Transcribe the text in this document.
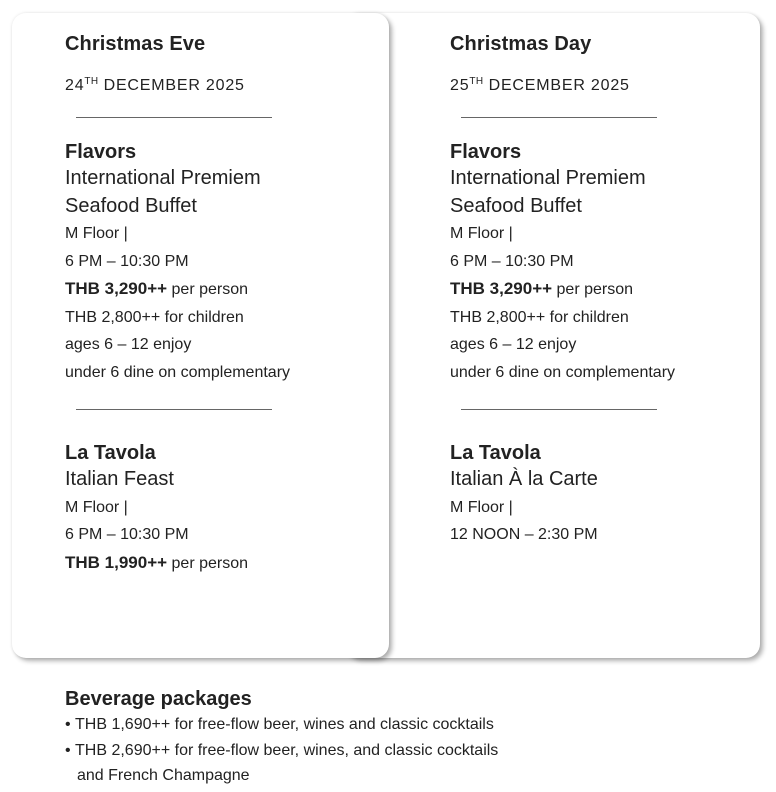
Christmas Eve
24TH DECEMBER 2025
Flavors
International Premiem
Seafood Buffet
M Floor |
6 PM – 10:30 PM
THB 3,290++ per person
THB 2,800++ for children
ages 6 – 12 enjoy
under 6 dine on complementary
La Tavola
Italian Feast
M Floor |
6 PM – 10:30 PM
THB 1,990++ per person
Christmas Day
25TH DECEMBER 2025
Flavors
International Premiem
Seafood Buffet
M Floor |
6 PM – 10:30 PM
THB 3,290++ per person
THB 2,800++ for children
ages 6 – 12 enjoy
under 6 dine on complementary
La Tavola
Italian À la Carte
M Floor |
12 NOON – 2:30 PM
Beverage packages
• THB 1,690++ for free-flow beer, wines and classic cocktails
• THB 2,690++ for free-flow beer, wines, and classic cocktails
and French Champagne
